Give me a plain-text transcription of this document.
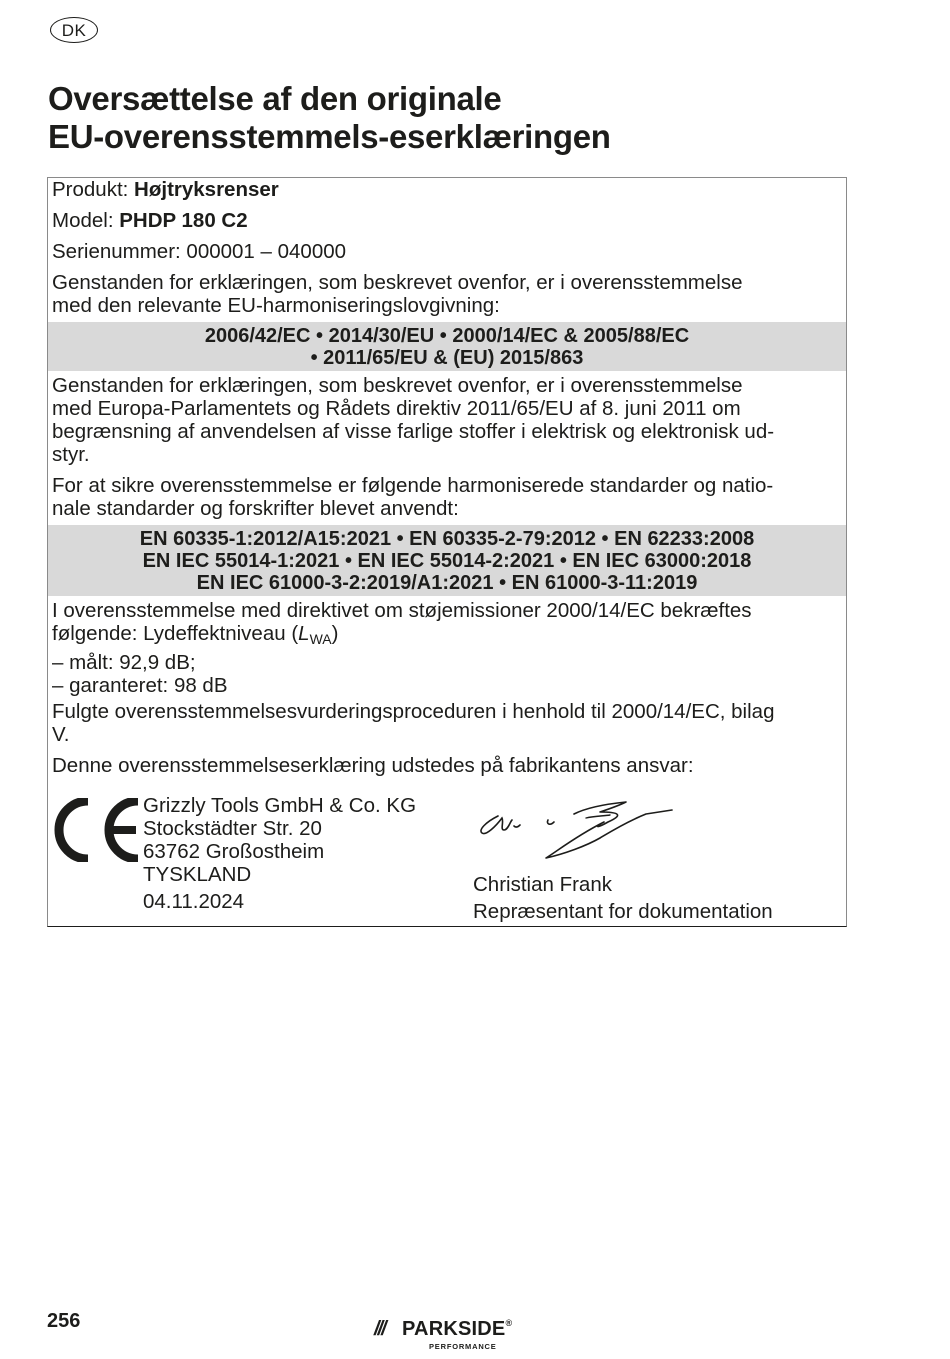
DK
Oversættelse af den originale
EU-overensstemmels-eserklæringen

Produkt: Højtryksrenser

Model: PHDP 180 C2

Serienummer: 000001 – 040000

Genstanden for erklæringen, som beskrevet ovenfor, er i overensstemmelse
med den relevante EU-harmoniseringslovgivning:

2006/42/EC • 2014/30/EU • 2000/14/EC & 2005/88/EC
• 2011/65/EU & (EU) 2015/863

Genstanden for erklæringen, som beskrevet ovenfor, er i overensstemmelse
med Europa-Parlamentets og Rådets direktiv 2011/65/EU af 8. juni 2011 om
begrænsning af anvendelsen af visse farlige stoffer i elektrisk og elektronisk ud-
styr.

For at sikre overensstemmelse er følgende harmoniserede standarder og natio-
nale standarder og forskrifter blevet anvendt:

EN 60335-1:2012/A15:2021 • EN 60335-2-79:2012 • EN 62233:2008
EN IEC 55014-1:2021 • EN IEC 55014-2:2021 • EN IEC 63000:2018
EN IEC 61000-3-2:2019/A1:2021 • EN 61000-3-11:2019

I overensstemmelse med direktivet om støjemissioner 2000/14/EC bekræftes
følgende: Lydeffektniveau $(L_{WA})$
– målt: 92,9 dB;
– garanteret: 98 dB

Fulgte overensstemmelsesvurderingsproceduren i henhold til 2000/14/EC, bilag
V.

Denne overensstemmelseserklæring udstedes på fabrikantens ansvar:

Grizzly Tools GmbH & Co. KG
Stockstädter Str. 20
63762 Großostheim
TYSKLAND
04.11.2024
Christian Frank
Repræsentant for dokumentation
256	/// PARKSIDE®
PERFORMANCE
